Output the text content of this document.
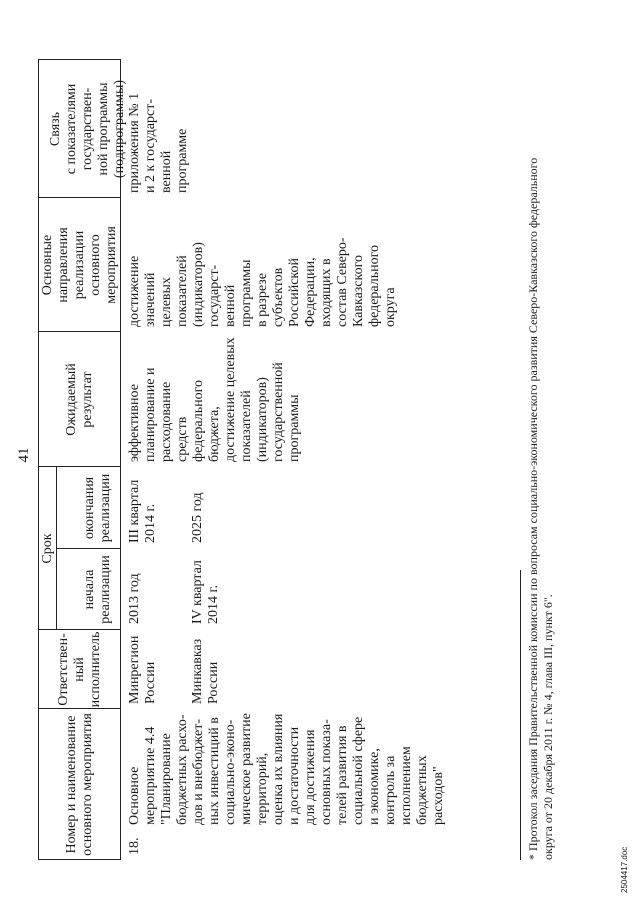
41
Номер и наименование
основного мероприятия
Ответствен-
ный
исполнитель
Срок
начала
реализации
окончания
реализации
Ожидаемый
результат
Основные
направления
реализации
основного
мероприятия
Связь
с показателями
государствен-
ной программы
(подпрограммы)
18.
Основное
мероприятие 4.4
"Планирование
бюджетных расхо-
дов и внебюджет-
ных инвестиций в
социально-эконо-
мическое развитие
территорий,
оценка их влияния
и достаточности
для достижения
основных показа-
телей развития в
социальной сфере
и экономике,
контроль за
исполнением
бюджетных
расходов"
Минрегион
России Минкавказ
России
2013 год	IV квартал
2014 г.
III квартал
2014 г. 2025 год
эффективное
планирование и
расходование
средств
федерального
бюджета,
достижение целевых
показателей
(индикаторов)
государственной
программы
достижение
значений
целевых
показателей
(индикаторов)
государст-
венной
программы
в разрезе
субъектов
Российской
Федерации,
входящих в
состав Северо-
Кавказского
федерального
округа
приложения № 1
и 2 к государст-
венной
программе
* Протокол заседания Правительственной комиссии по вопросам социально-экономического развития Северо-Кавказского федерального
округа от 20 декабря 2011 г. № 4, глава III, пункт 6".
2504417.doc
